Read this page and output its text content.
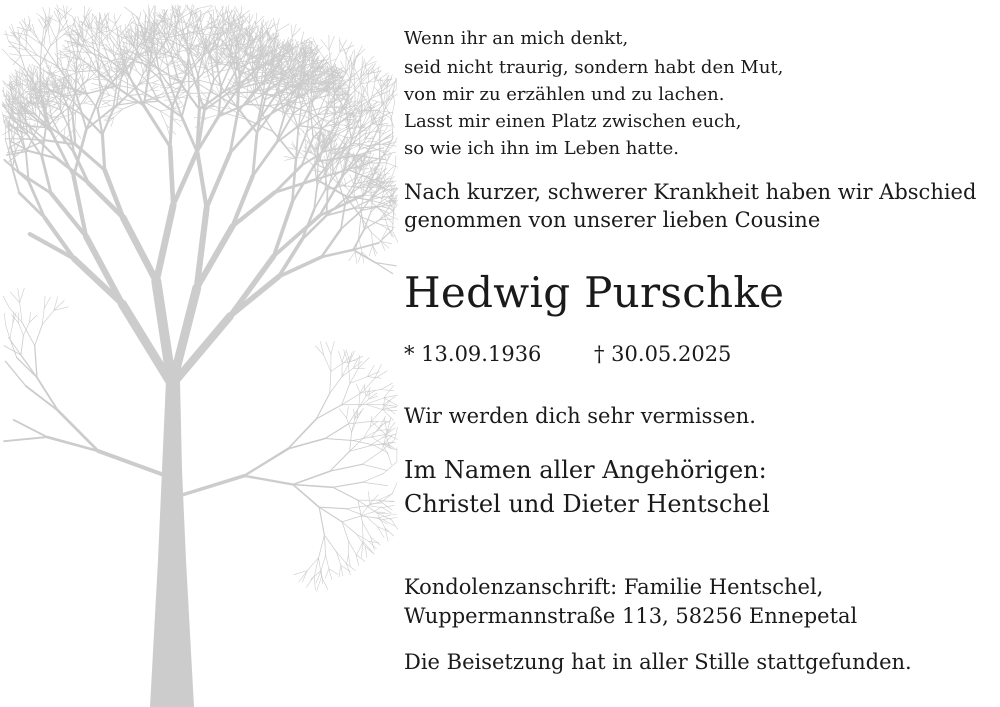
Wenn ihr an mich denkt,
seid nicht traurig, sondern habt den Mut,
von mir zu erzählen und zu lachen.
Lasst mir einen Platz zwischen euch,
so wie ich ihn im Leben hatte.
Nach kurzer, schwerer Krankheit haben wir Abschied
genommen von unserer lieben Cousine
Hedwig Purschke
* 13.09.1936	† 30.05.2025
Wir werden dich sehr vermissen.
Im Namen aller Angehörigen:
Christel und Dieter Hentschel
Kondolenzanschrift: Familie Hentschel,
Wuppermannstraße 113, 58256 Ennepetal
Die Beisetzung hat in aller Stille stattgefunden.
